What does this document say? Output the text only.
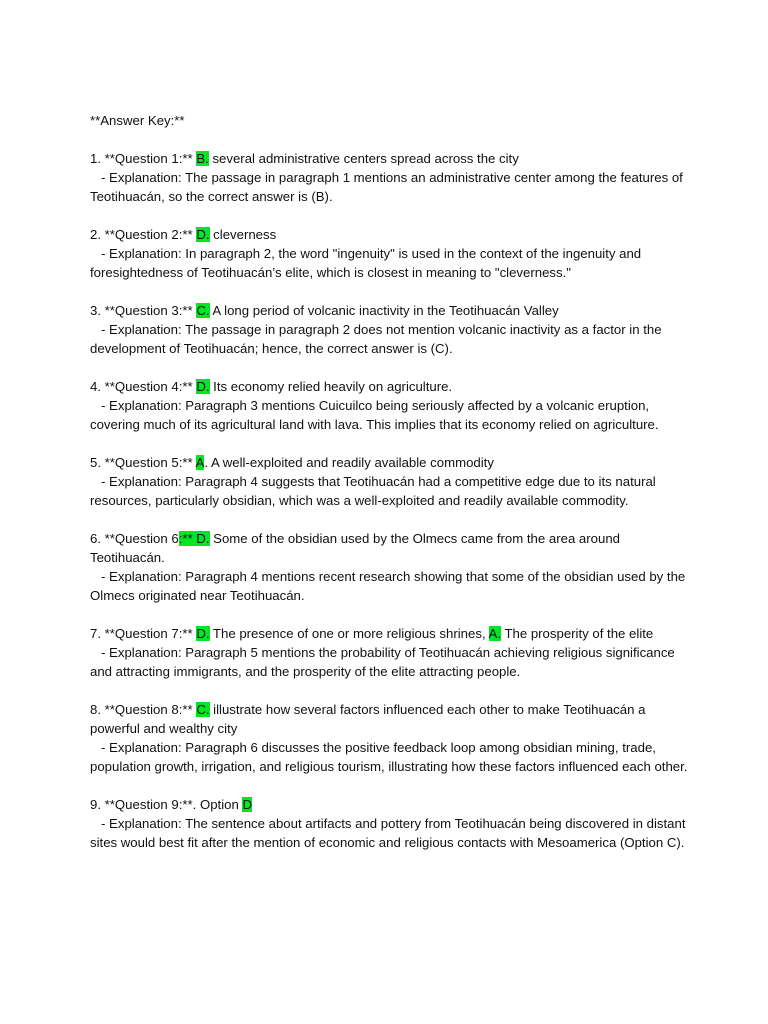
**Answer Key:**
1. **Question 1:** B. several administrative centers spread across the city
- Explanation: The passage in paragraph 1 mentions an administrative center among the features of Teotihuacán, so the correct answer is (B).
2. **Question 2:** D. cleverness
- Explanation: In paragraph 2, the word "ingenuity" is used in the context of the ingenuity and foresightedness of Teotihuacán’s elite, which is closest in meaning to "cleverness."
3. **Question 3:** C. A long period of volcanic inactivity in the Teotihuacán Valley
- Explanation: The passage in paragraph 2 does not mention volcanic inactivity as a factor in the development of Teotihuacán; hence, the correct answer is (C).
4. **Question 4:** D. Its economy relied heavily on agriculture.
- Explanation: Paragraph 3 mentions Cuicuilco being seriously affected by a volcanic eruption, covering much of its agricultural land with lava. This implies that its economy relied on agriculture.
5. **Question 5:** A. A well-exploited and readily available commodity
- Explanation: Paragraph 4 suggests that Teotihuacán had a competitive edge due to its natural resources, particularly obsidian, which was a well-exploited and readily available commodity.
6. **Question 6:** D. Some of the obsidian used by the Olmecs came from the area around Teotihuacán.
- Explanation: Paragraph 4 mentions recent research showing that some of the obsidian used by the Olmecs originated near Teotihuacán.
7. **Question 7:** D. The presence of one or more religious shrines, A. The prosperity of the elite
- Explanation: Paragraph 5 mentions the probability of Teotihuacán achieving religious significance and attracting immigrants, and the prosperity of the elite attracting people.
8. **Question 8:** C. illustrate how several factors influenced each other to make Teotihuacán a powerful and wealthy city
- Explanation: Paragraph 6 discusses the positive feedback loop among obsidian mining, trade, population growth, irrigation, and religious tourism, illustrating how these factors influenced each other.
9. **Question 9:**. Option D
- Explanation: The sentence about artifacts and pottery from Teotihuacán being discovered in distant sites would best fit after the mention of economic and religious contacts with Mesoamerica (Option C).
